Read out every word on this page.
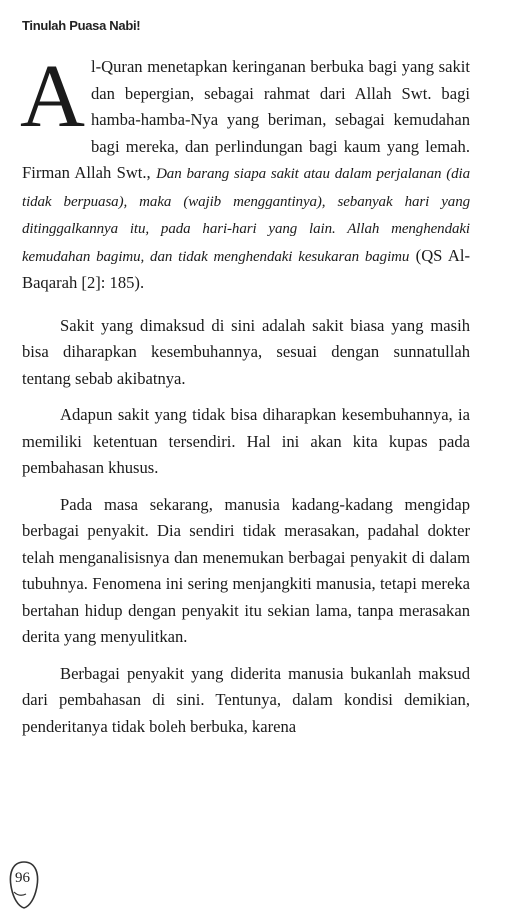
Tinulah Puasa Nabi!

Al-Quran menetapkan keringanan berbuka bagi yang sakit dan bepergian, sebagai rahmat dari Allah Swt. bagi hamba-hamba-Nya yang beriman, sebagai kemudahan bagi mereka, dan perlindungan bagi kaum yang lemah. Firman Allah Swt., Dan barang siapa sakit atau dalam perjalanan (dia tidak berpuasa), maka (wajib menggantinya), sebanyak hari yang ditinggalkannya itu, pada hari-hari yang lain. Allah menghendaki kemudahan bagimu, dan tidak menghendaki kesukaran bagimu (QS Al-Baqarah [2]: 185).

Sakit yang dimaksud di sini adalah sakit biasa yang masih bisa diharapkan kesembuhannya, sesuai dengan sunnatullah tentang sebab akibatnya.

Adapun sakit yang tidak bisa diharapkan kesembuhannya, ia memiliki ketentuan tersendiri. Hal ini akan kita kupas pada pembahasan khusus.

Pada masa sekarang, manusia kadang-kadang mengidap berbagai penyakit. Dia sendiri tidak merasakan, padahal dokter telah menganalisisnya dan menemukan berbagai penyakit di dalam tubuhnya. Fenomena ini sering menjangkiti manusia, tetapi mereka bertahan hidup dengan penyakit itu sekian lama, tanpa merasakan derita yang menyulitkan.

Berbagai penyakit yang diderita manusia bukanlah maksud dari pembahasan di sini. Tentunya, dalam kondisi demikian, penderitanya tidak boleh berbuka, karena

96
